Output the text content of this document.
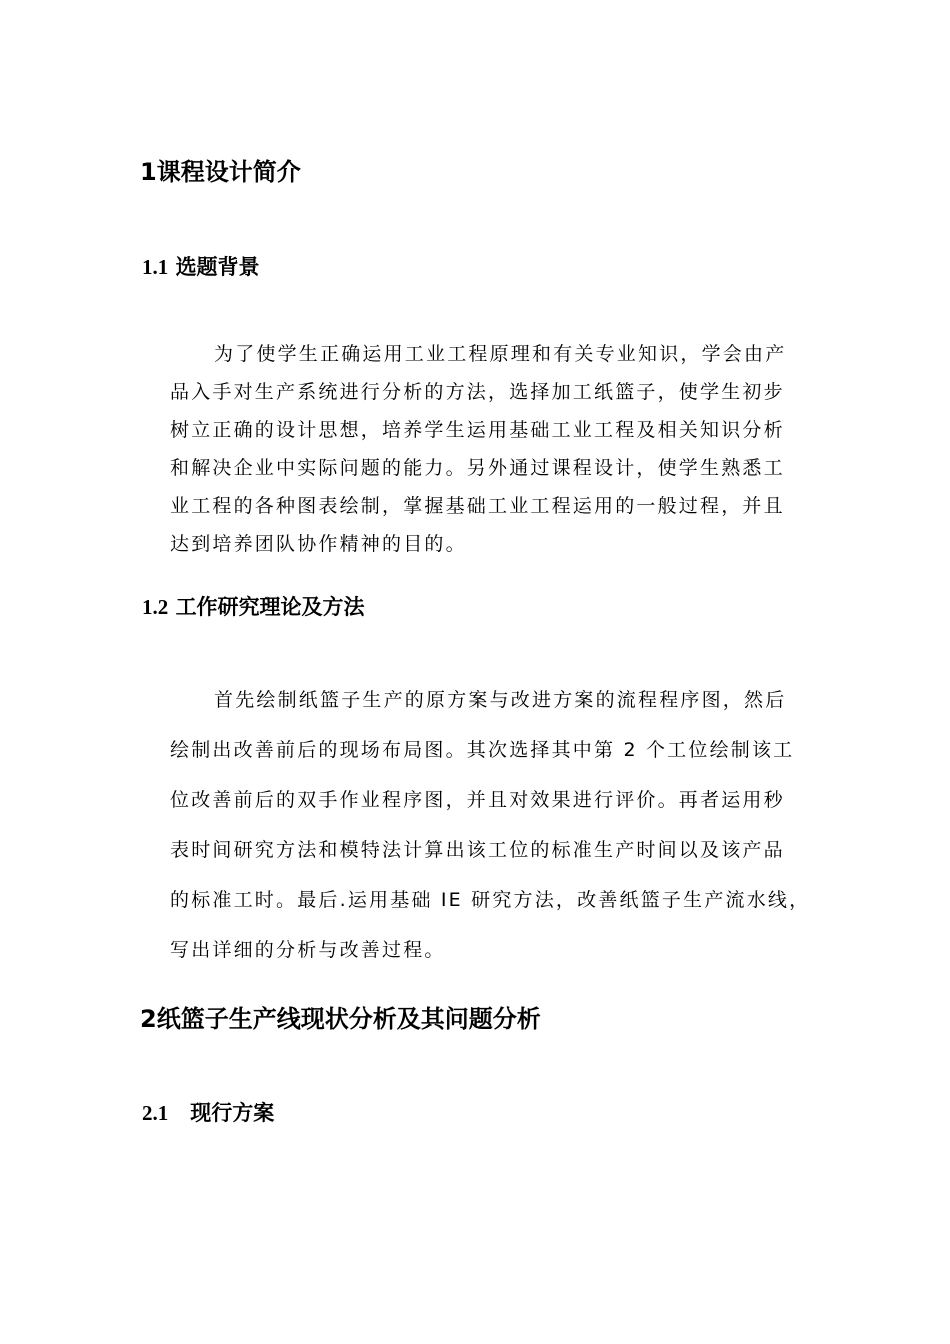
1课程设计简介
1.1 选题背景
为了使学生正确运用工业工程原理和有关专业知识，学会由产
品入手对生产系统进行分析的方法，选择加工纸篮子，使学生初步
树立正确的设计思想，培养学生运用基础工业工程及相关知识分析
和解决企业中实际问题的能力。另外通过课程设计，使学生熟悉工
业工程的各种图表绘制，掌握基础工业工程运用的一般过程，并且
达到培养团队协作精神的目的。
1.2 工作研究理论及方法
首先绘制纸篮子生产的原方案与改进方案的流程程序图，然后
绘制出改善前后的现场布局图。其次选择其中第 2 个工位绘制该工
位改善前后的双手作业程序图，并且对效果进行评价。再者运用秒
表时间研究方法和模特法计算出该工位的标准生产时间以及该产品
的标准工时。最后.运用基础 IE 研究方法，改善纸篮子生产流水线，
写出详细的分析与改善过程。
2纸篮子生产线现状分析及其问题分析
2.1 现行方案
